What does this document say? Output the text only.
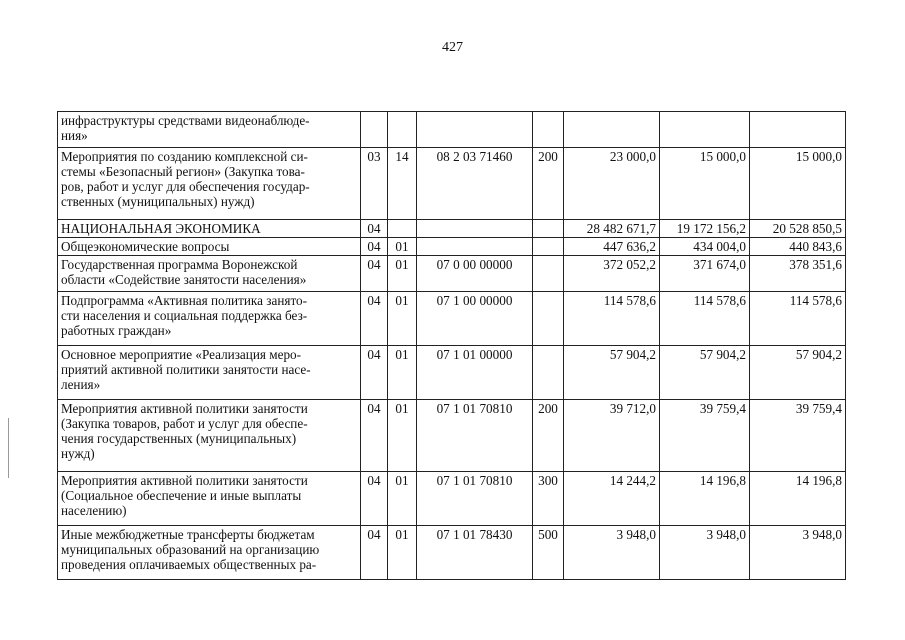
427
инфраструктуры средствами видеонаблюде-
ния»							
Мероприятия по созданию комплексной си-
стемы «Безопасный регион» (Закупка това-
ров, работ и услуг для обеспечения государ-
ственных (муниципальных) нужд)	03	14	08 2 03 71460	200	23 000,0	15 000,0	15 000,0
НАЦИОНАЛЬНАЯ ЭКОНОМИКА	04				28 482 671,7	19 172 156,2	20 528 850,5
Общеэкономические вопросы	04	01			447 636,2	434 004,0	440 843,6
Государственная программа Воронежской
области «Содействие занятости населения»	04	01	07 0 00 00000		372 052,2	371 674,0	378 351,6
Подпрограмма «Активная политика занято-
сти населения и социальная поддержка без-
работных граждан»	04	01	07 1 00 00000		114 578,6	114 578,6	114 578,6
Основное мероприятие «Реализация меро-
приятий активной политики занятости насе-
ления»	04	01	07 1 01 00000		57 904,2	57 904,2	57 904,2
Мероприятия активной политики занятости
(Закупка товаров, работ и услуг для обеспе-
чения государственных (муниципальных)
нужд)	04	01	07 1 01 70810	200	39 712,0	39 759,4	39 759,4
Мероприятия активной политики занятости
(Социальное обеспечение и иные выплаты
населению)	04	01	07 1 01 70810	300	14 244,2	14 196,8	14 196,8
Иные межбюджетные трансферты бюджетам
муниципальных образований на организацию
проведения оплачиваемых общественных ра-	04	01	07 1 01 78430	500	3 948,0	3 948,0	3 948,0
